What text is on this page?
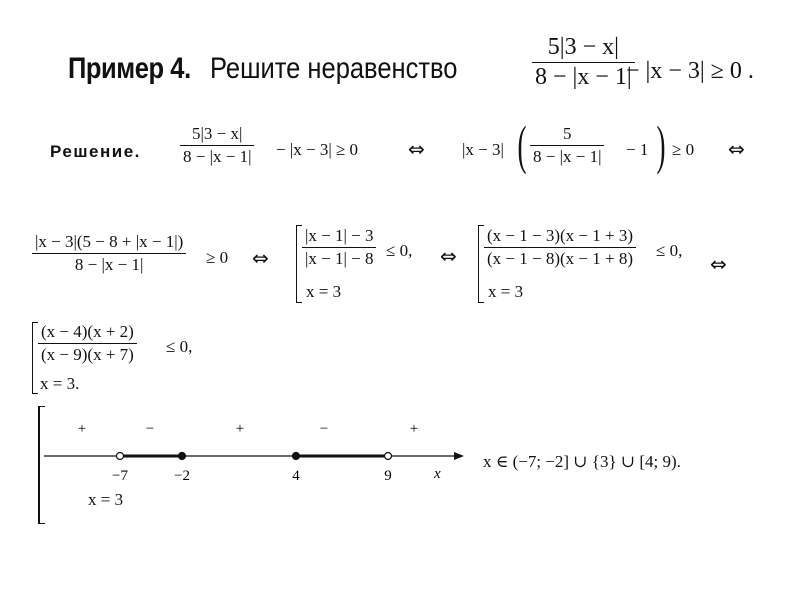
Пример 4. Решите неравенство
5|3 − x|
8 − |x − 1|
− |x − 3| ≥ 0 .
Решение.
5|3 − x|
8 − |x − 1| − |x − 3| ≥ 0 ⇔ |x − 3| ( 5
8 − |x − 1| − 1 ) ≥ 0 ⇔
|x − 3|(5 − 8 + |x − 1|)
8 − |x − 1|	≥ 0 ⇔
|x − 1| − 3
|x − 1| − 8 ≤ 0,
x = 3
⇔
(x − 1 − 3)(x − 1 + 3)
(x − 1 − 8)(x − 1 + 8) ≤ 0,
x = 3
⇔
(x − 4)(x + 2)
(x − 9)(x + 7) ≤ 0,
x = 3.
−7	−2	4	9
+	−	+	−	+
x
x = 3
x ∈ (−7; −2] ∪ {3} ∪ [4; 9).
